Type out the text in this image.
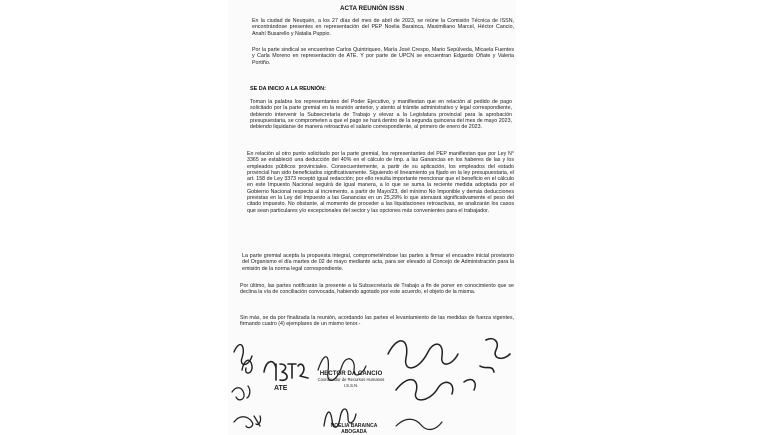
ACTA REUNIÓN ISSN
En la ciudad de Neuquén, a los 27 días del mes de abril de 2023, se reúne la Comisión Técnica de ISSN, encontrándose presentes en representación del PEP Noelia Barainca, Maximiliano Marcel, Héctor Cancio, Anahí Busarello y Natalia Puppio.
Por la parte sindical se encuentran Carlos Quintriqueo, María José Crespo, Mario Sepúlveda, Micaela Fuentes y Carla Moreno en representación de ATE. Y por parte de UPCN se encuentran Edgardo Oñate y Valeria Portiño.
SE DA INICIO A LA REUNIÓN:
Toman la palabra los representantes del Poder Ejecutivo, y manifiestan que en relación al pedido de pago solicitado por la parte gremial en la reunión anterior, y atento al trámite administrativo y legal correspondiente, debiendo intervenir la Subsecretaría de Trabajo y elevar a la Legislatura provincial para la aprobación presupuestaria, se comprometen a que el pago se hará dentro de la segunda quincena del mes de mayo 2023, debiendo liquidarse de manera retroactiva el salario correspondiente, al primero de enero de 2023.
En relación al otro punto solicitado por la parte gremial, los representantes del PEP manifiestan que por Ley N° 3365 se estableció una deducción del 40% en el cálculo de Imp. a las Ganancias en los haberes de las y los empleados públicos provinciales. Consecuentemente, a partir de su aplicación, los empleados del estado provincial han sido beneficiados significativamente. Siguiendo el lineamiento ya fijado en la ley presupuestaria, el art. 158 de Ley 3373 receptó igual redacción; por ello resulta importante mencionar que el beneficio en el cálculo en este Impuesto Nacional seguirá de igual manera, a lo que se suma la reciente medida adoptada por el Gobierno Nacional respecto al incremento, a partir de Mayo/23, del mínimo No Imponible y demás deducciones previstas en la Ley del Impuesto a las Ganancias en un 25,29% lo que atenuará significativamente el peso del citado impuesto. No obstante, al momento de proceder a las liquidaciones retroactivas, se analizarán los casos que sean particulares y/o excepcionales del sector y las opciones más convenientes para el trabajador.
La parte gremial acepta la propuesta integral, comprometiéndose las partes a firmar el encuadre inicial provisorio del Organismo el día martes de 02 de mayo mediante acta, para ser elevado al Concejo de Administración para la emisión de la norma legal correspondiente.
Por último, las partes notificarán la presente a la Subsecretaría de Trabajo a fin de poner en conocimiento que se declina la vía de conciliación convocada, habiendo agotado por este acuerdo, el objeto de la misma.
Sin más, se da por finalizada la reunión, acordando las partes el levantamiento de las medidas de fuerza vigentes, firmando cuatro (4) ejemplares de un mismo tenor.-
ATE
HECTOR DA CANCIO
Coordinador de Recursos Humanos
I.S.S.N.
NOELIA BARAINCA
ABOGADA
